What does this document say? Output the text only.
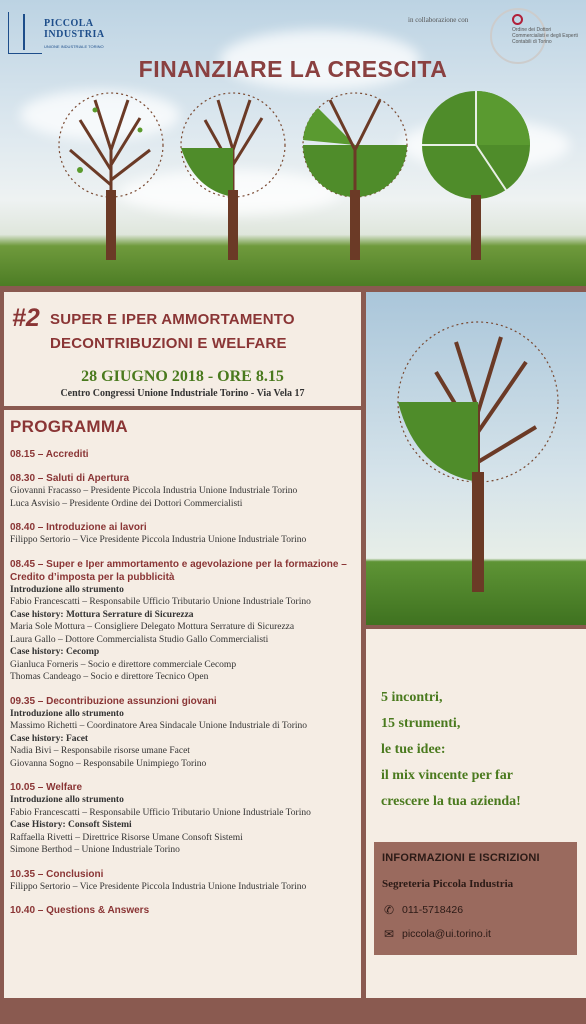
PICCOLA
INDUSTRIA
UNIONE INDUSTRIALE TORINO
in collaborazione con
Ordine dei Dottori Commercialisti e degli Esperti Contabili di Torino
FINANZIARE LA CRESCITA
#2 SUPER E IPER AMMORTAMENTO
DECONTRIBUZIONI E WELFARE
28 GIUGNO 2018 - ORE 8.15
Centro Congressi Unione Industriale Torino - Via Vela 17
PROGRAMMA
08.15 – Accrediti
08.30 – Saluti di Apertura
Giovanni Fracasso – Presidente Piccola Industria Unione Industriale Torino
Luca Asvisio – Presidente Ordine dei Dottori Commercialisti
08.40 – Introduzione ai lavori
Filippo Sertorio – Vice Presidente Piccola Industria Unione Industriale Torino
08.45 – Super e Iper ammortamento e agevolazione per la formazione – Credito d’imposta per la pubblicità
Introduzione allo strumento
Fabio Francescatti – Responsabile Ufficio Tributario Unione Industriale Torino
Case history: Mottura Serrature di Sicurezza
Maria Sole Mottura – Consigliere Delegato Mottura Serrature di Sicurezza
Laura Gallo – Dottore Commercialista Studio Gallo Commercialisti
Case history: Cecomp
Gianluca Forneris – Socio e direttore commerciale Cecomp
Thomas Candeago – Socio e direttore Tecnico Open
09.35 – Decontribuzione assunzioni giovani
Introduzione allo strumento
Massimo Richetti – Coordinatore Area Sindacale Unione Industriale di Torino
Case history: Facet
Nadia Bivi – Responsabile risorse umane Facet
Giovanna Sogno – Responsabile Unimpiego Torino
10.05 – Welfare
Introduzione allo strumento
Fabio Francescatti – Responsabile Ufficio Tributario Unione Industriale Torino
Case History: Consoft Sistemi
Raffaella Rivetti – Direttrice Risorse Umane Consoft Sistemi
Simone Berthod – Unione Industriale Torino
10.35 – Conclusioni
Filippo Sertorio – Vice Presidente Piccola Industria Unione Industriale Torino
10.40 – Questions & Answers
5 incontri,
15 strumenti,
le tue idee:
il mix vincente per far
crescere la tua azienda!
INFORMAZIONI E ISCRIZIONI
Segreteria Piccola Industria
✆ 011-5718426
✉ piccola@ui.torino.it
